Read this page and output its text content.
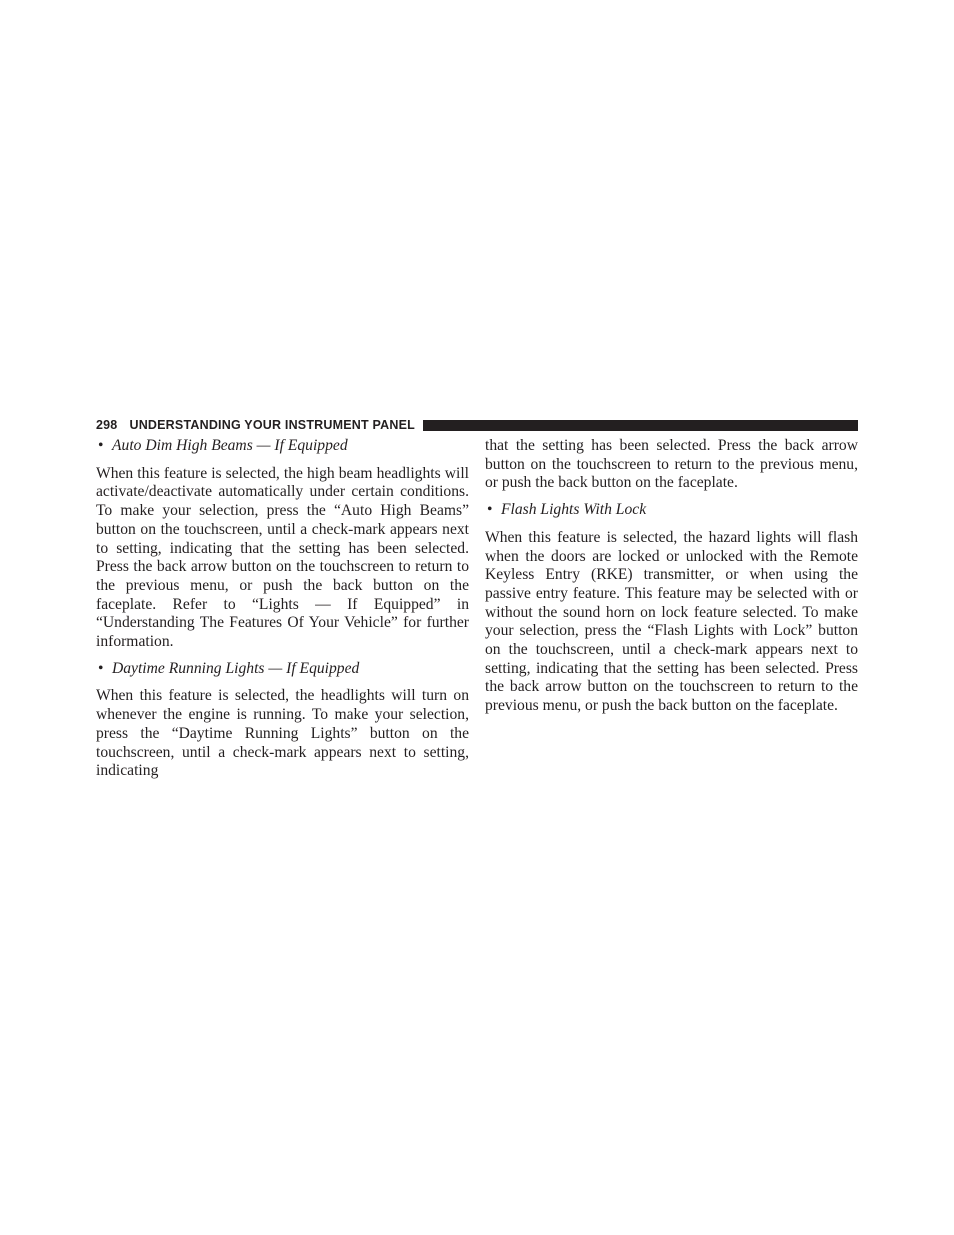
298 UNDERSTANDING YOUR INSTRUMENT PANEL
• Auto Dim High Beams — If Equipped

When this feature is selected, the high beam headlights will activate/deactivate automatically under certain conditions. To make your selection, press the “Auto High Beams” button on the touchscreen, until a check-mark appears next to setting, indicating that the setting has been selected. Press the back arrow button on the touchscreen to return to the previous menu, or push the back button on the faceplate. Refer to “Lights — If Equipped” in “Understanding The Features Of Your Vehicle” for further information.

• Daytime Running Lights — If Equipped

When this feature is selected, the headlights will turn on whenever the engine is running. To make your selection, press the “Daytime Running Lights” button on the touchscreen, until a check-mark appears next to setting, indicating

that the setting has been selected. Press the back arrow button on the touchscreen to return to the previous menu, or push the back button on the faceplate.

• Flash Lights With Lock

When this feature is selected, the hazard lights will flash when the doors are locked or unlocked with the Remote Keyless Entry (RKE) transmitter, or when using the passive entry feature. This feature may be selected with or without the sound horn on lock feature selected. To make your selection, press the “Flash Lights with Lock” button on the touchscreen, until a check-mark appears next to setting, indicating that the setting has been selected. Press the back arrow button on the touchscreen to return to the previous menu, or push the back button on the faceplate.
